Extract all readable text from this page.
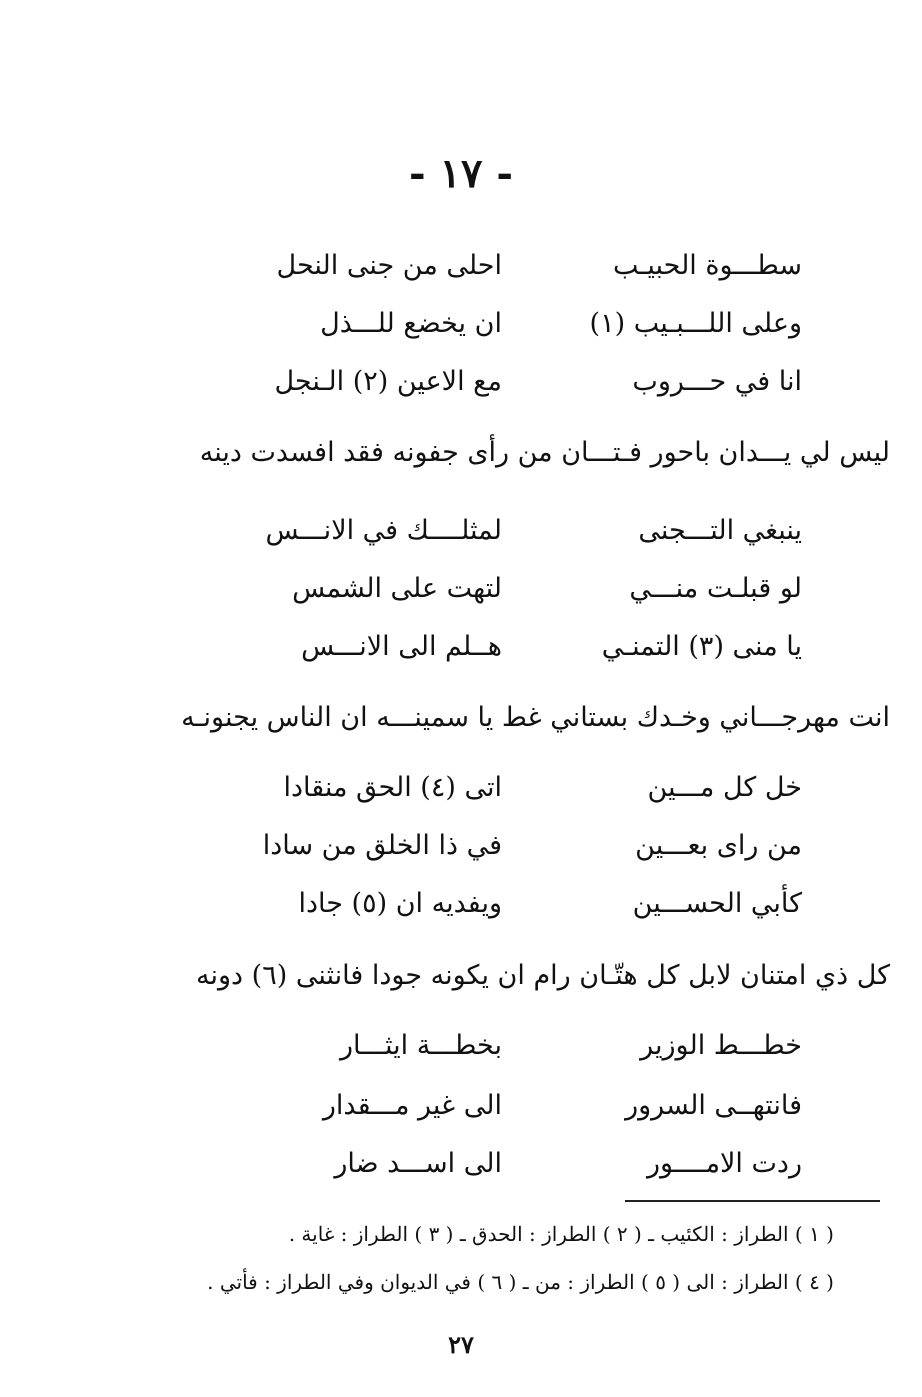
- ١٧ -
سطـــوة الحبيـب
احلى من جنى النحل
وعلى اللـــبـيب (١)
ان يخضع للـــذل
انا في حـــروب
مع الاعين (٢) الـنجل
ليس لي يـــدان باحور فـتـــان من رأى جفونه فقد افسدت دينه
ينبغي التـــجنى
لمثلــــك في الانـــس
لو قبلـت منـــي
لتهت على الشمس
يا منى (٣) التمنـي
هــلم الى الانـــس
انت مهرجـــاني وخـدك بستاني غط يا سمينـــه ان الناس يجنونـه
خل كل مـــين
اتى (٤) الحق منقادا
من راى بعـــين
في ذا الخلق من سادا
كأبي الحســـين
ويفديه ان (٥) جادا
كل ذي امتنان لابل كل هتّـان رام ان يكونه جودا فانثنى (٦) دونه
خطـــط الوزير
بخطـــة ايثـــار
فانتهــى السرور
الى غير مـــقدار
ردت الامــــور
الى اســـد ضار
( ١ ) الطراز : الكئيب ـ ( ٢ ) الطراز : الحدق ـ ( ٣ ) الطراز : غاية .
( ٤ ) الطراز : الى ( ٥ ) الطراز : من ـ ( ٦ ) في الديوان وفي الطراز : فأتي .
٢٧
